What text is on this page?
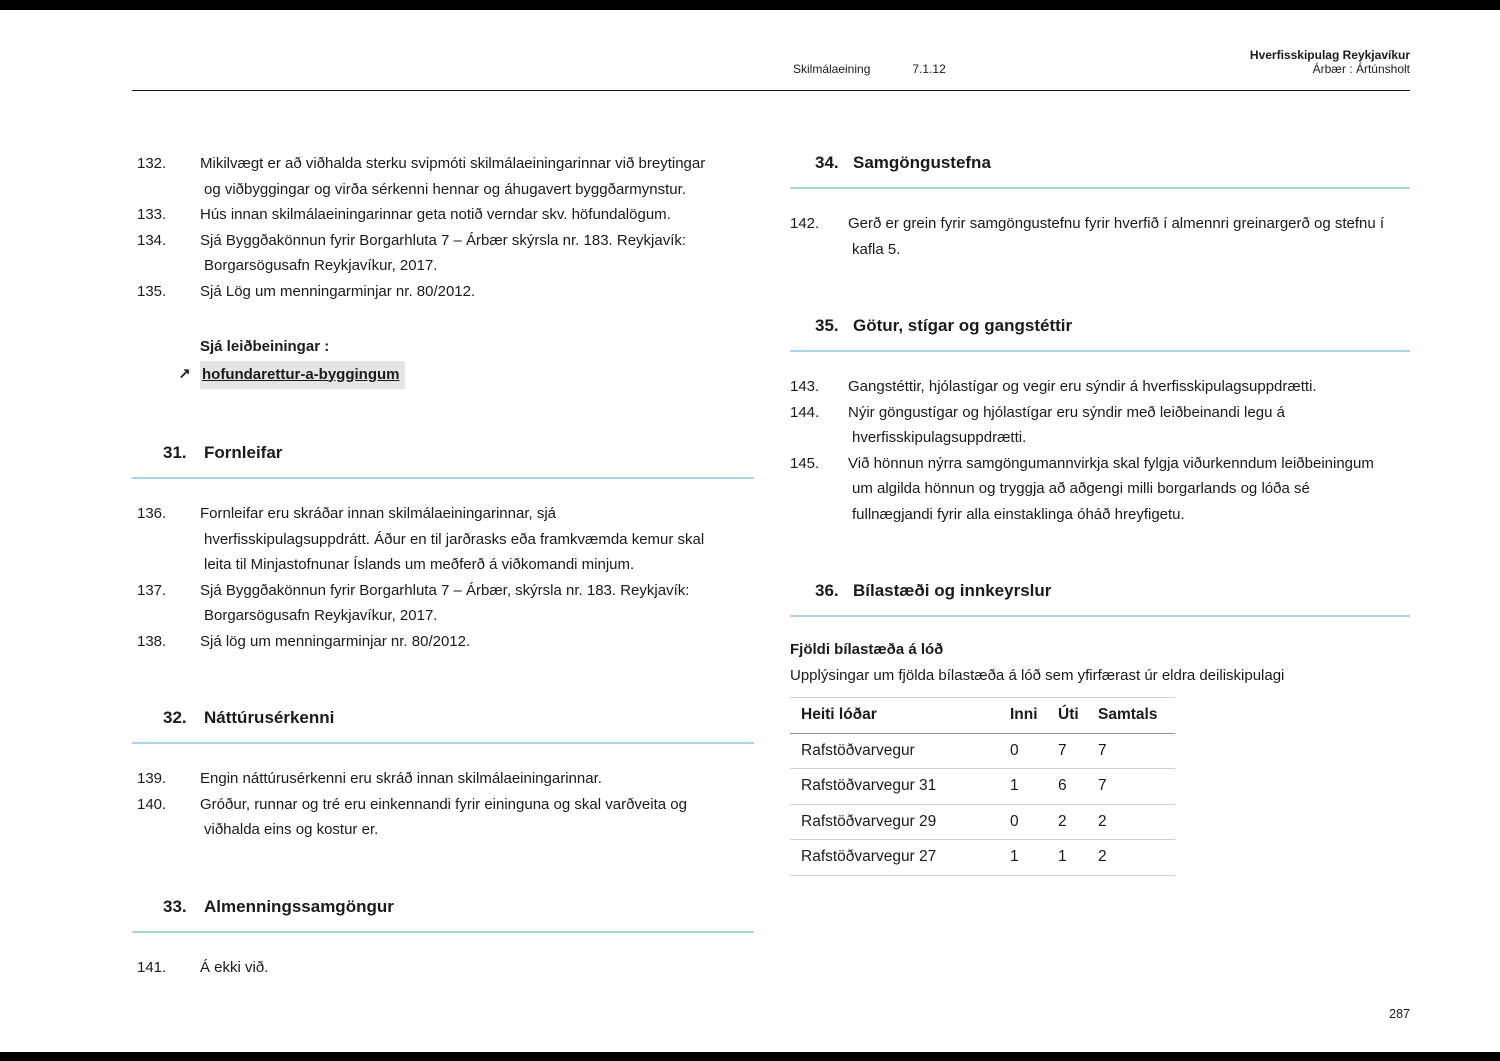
Skilmálaeining	7.1.12
Hverfisskipulag Reykjavíkur
Árbær : Ártúnsholt
132.	Mikilvægt er að viðhalda sterku svipmóti skilmálaeiningarinnar við breytingar og viðbyggingar og virða sérkenni hennar og áhugavert byggðarmynstur.
133.	Hús innan skilmálaeiningarinnar geta notið verndar skv. höfundalögum.
134.	Sjá Byggðakönnun fyrir Borgarhluta 7 – Árbær skýrsla nr. 183. Reykjavík: Borgarsögusafn Reykjavíkur, 2017.
135.	Sjá Lög um menningarminjar nr. 80/2012.
Sjá leiðbeiningar :
↗ hofundarettur-a-byggingum
31.	Fornleifar
136.	Fornleifar eru skráðar innan skilmálaeiningarinnar, sjá hverfisskipulagsuppdrátt. Áður en til jarðrasks eða framkvæmda kemur skal leita til Minjastofnunar Íslands um meðferð á viðkomandi minjum.
137.	Sjá Byggðakönnun fyrir Borgarhluta 7 – Árbær, skýrsla nr. 183. Reykjavík: Borgarsögusafn Reykjavíkur, 2017.
138.	Sjá lög um menningarminjar nr. 80/2012.
32.	Náttúrusérkenni
139.	Engin náttúrusérkenni eru skráð innan skilmálaeiningarinnar.
140.	Gróður, runnar og tré eru einkennandi fyrir eininguna og skal varðveita og viðhalda eins og kostur er.
33.	Almenningssamgöngur
141.	Á ekki við.
34. Samgöngustefna
142.	Gerð er grein fyrir samgöngustefnu fyrir hverfið í almennri greinargerð og stefnu í kafla 5.
35. Götur, stígar og gangstéttir
143.	Gangstéttir, hjólastígar og vegir eru sýndir á hverfisskipulagsuppdrætti.
144.	Nýir göngustígar og hjólastígar eru sýndir með leiðbeinandi legu á hverfisskipulagsuppdrætti.
145.	Við hönnun nýrra samgöngumannvirkja skal fylgja viðurkenndum leiðbeiningum um algilda hönnun og tryggja að aðgengi milli borgarlands og lóða sé fullnægjandi fyrir alla einstaklinga óháð hreyfigetu.
36. Bílastæði og innkeyrslur
Fjöldi bílastæða á lóð
Upplýsingar um fjölda bílastæða á lóð sem yfirfærast úr eldra deiliskipulagi
Heiti lóðar	Inni	Úti	Samtals
Rafstöðvarvegur	0	7	7
Rafstöðvarvegur 31	1	6	7
Rafstöðvarvegur 29	0	2	2
Rafstöðvarvegur 27	1	1	2
287
